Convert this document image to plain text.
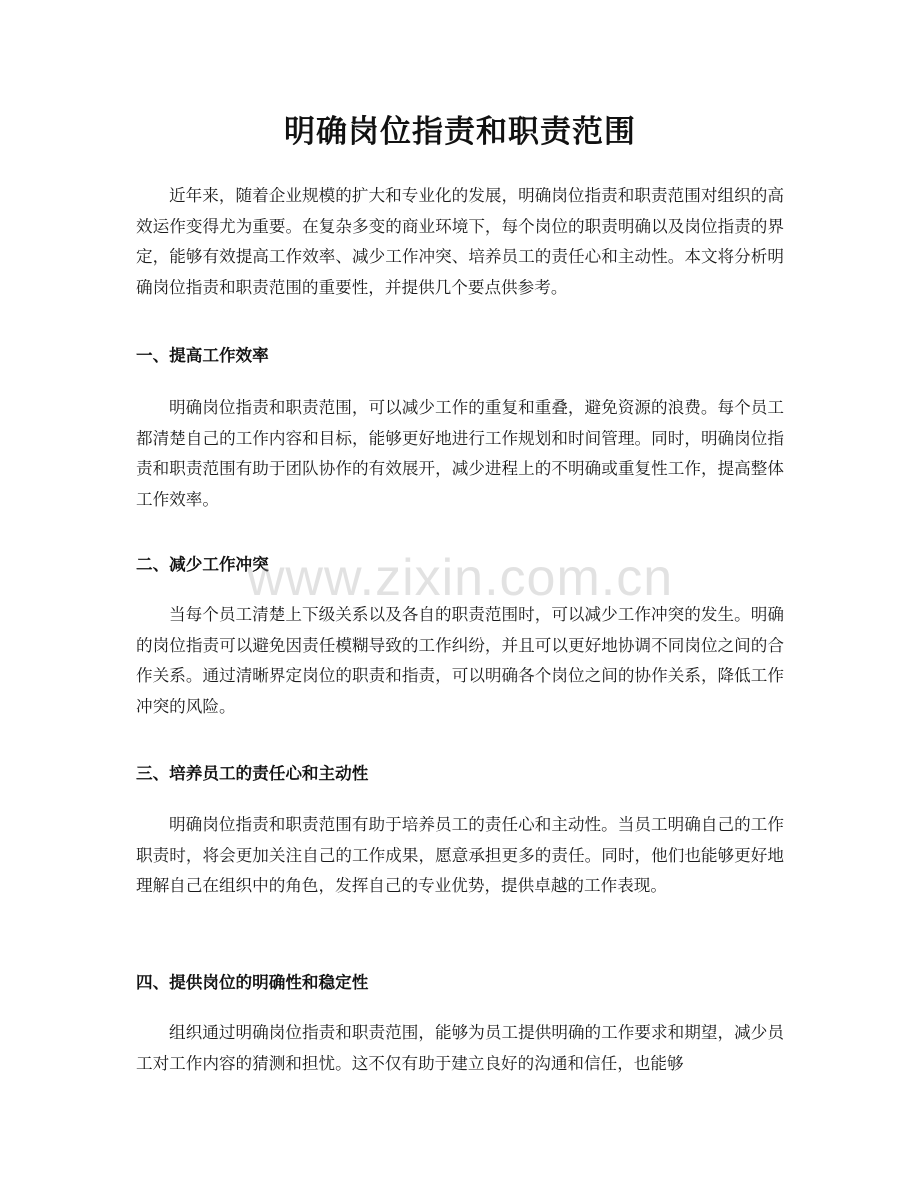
明确岗位指责和职责范围

近年来，随着企业规模的扩大和专业化的发展，明确岗位指责和职责范围对组织的高效运作变得尤为重要。在复杂多变的商业环境下，每个岗位的职责明确以及岗位指责的界定，能够有效提高工作效率、减少工作冲突、培养员工的责任心和主动性。本文将分析明确岗位指责和职责范围的重要性，并提供几个要点供参考。

一、提高工作效率

明确岗位指责和职责范围，可以减少工作的重复和重叠，避免资源的浪费。每个员工都清楚自己的工作内容和目标，能够更好地进行工作规划和时间管理。同时，明确岗位指责和职责范围有助于团队协作的有效展开，减少进程上的不明确或重复性工作，提高整体工作效率。

二、减少工作冲突

当每个员工清楚上下级关系以及各自的职责范围时，可以减少工作冲突的发生。明确的岗位指责可以避免因责任模糊导致的工作纠纷，并且可以更好地协调不同岗位之间的合作关系。通过清晰界定岗位的职责和指责，可以明确各个岗位之间的协作关系，降低工作冲突的风险。

三、培养员工的责任心和主动性

明确岗位指责和职责范围有助于培养员工的责任心和主动性。当员工明确自己的工作职责时，将会更加关注自己的工作成果，愿意承担更多的责任。同时，他们也能够更好地理解自己在组织中的角色，发挥自己的专业优势，提供卓越的工作表现。

四、提供岗位的明确性和稳定性

组织通过明确岗位指责和职责范围，能够为员工提供明确的工作要求和期望，减少员工对工作内容的猜测和担忧。这不仅有助于建立良好的沟通和信任，也能够

www.zixin.com.cn
